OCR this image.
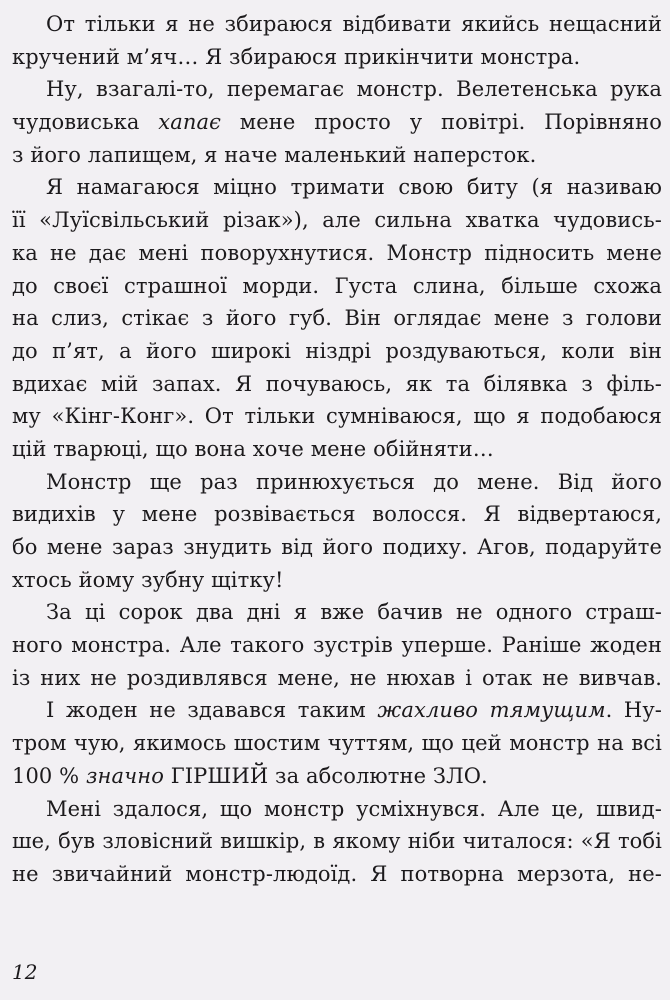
От тільки я не збираюся відбивати якийсь нещасний
кручений м’яч… Я збираюся прикінчити монстра.
Ну, взагалі-то, перемагає монстр. Велетенська рука
чудовиська хапає мене просто у повітрі. Порівняно
з його лапищем, я наче маленький наперсток.
Я намагаюся міцно тримати свою биту (я називаю
її «Луїсвільський різак»), але сильна хватка чудовись-
ка не дає мені поворухнутися. Монстр підносить мене
до своєї страшної морди. Густа слина, більше схожа
на слиз, стікає з його губ. Він оглядає мене з голови
до п’ят, а його широкі ніздрі роздуваються, коли він
вдихає мій запах. Я почуваюсь, як та білявка з філь-
му «Кінг-Конг». От тільки сумніваюся, що я подобаюся
цій тварюці, що вона хоче мене обійняти…
Монстр ще раз принюхується до мене. Від його
видихів у мене розвівається волосся. Я відвертаюся,
бо мене зараз знудить від його подиху. Агов, подаруйте
хтось йому зубну щітку!
За ці сорок два дні я вже бачив не одного страш-
ного монстра. Але такого зустрів уперше. Раніше жоден
із них не роздивлявся мене, не нюхав і отак не вивчав.
І жоден не здавався таким жахливо тямущим. Ну-
тром чую, якимось шостим чуттям, що цей монстр на всі
100 % значно ГІРШИЙ за абсолютне ЗЛО.
Мені здалося, що монстр усміхнувся. Але це, швид-
ше, був зловісний вишкір, в якому ніби читалося: «Я тобі
не звичайний монстр-людоїд. Я потворна мерзота, не-
12
